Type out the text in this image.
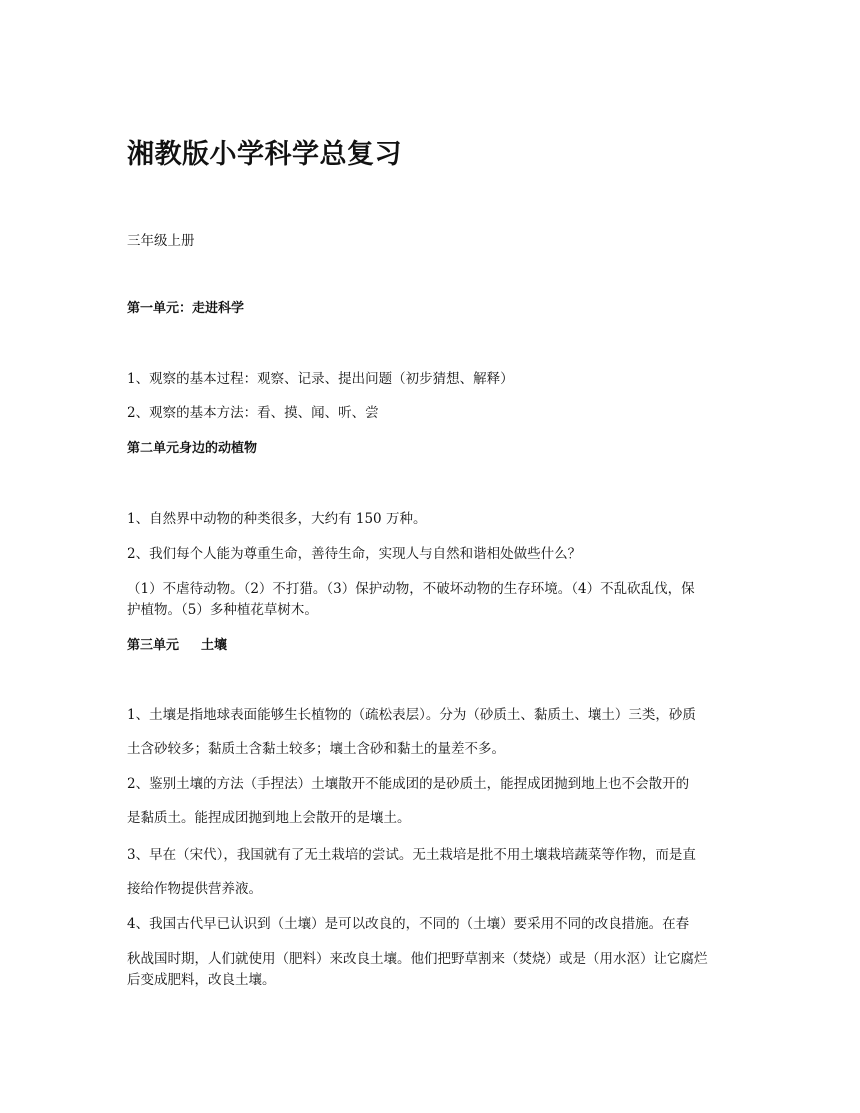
湘教版小学科学总复习
三年级上册
第一单元：走进科学
1、观察的基本过程：观察、记录、提出问题（初步猜想、解释）
2、观察的基本方法：看、摸、闻、听、尝
第二单元身边的动植物
1、自然界中动物的种类很多，大约有 150 万种。
2、我们每个人能为尊重生命，善待生命，实现人与自然和谐相处做些什么？
（1）不虐待动物。（2）不打猎。（3）保护动物，不破坏动物的生存环境。（4）不乱砍乱伐，保
护植物。（5）多种植花草树木。
第三单元 土壤
1、土壤是指地球表面能够生长植物的（疏松表层）。分为（砂质土、黏质土、壤土）三类，砂质
土含砂较多；黏质土含黏土较多；壤土含砂和黏土的量差不多。
2、鉴别土壤的方法（手捏法）土壤散开不能成团的是砂质土，能捏成团抛到地上也不会散开的
是黏质土。能捏成团抛到地上会散开的是壤土。
3、早在（宋代），我国就有了无土栽培的尝试。无土栽培是批不用土壤栽培蔬菜等作物，而是直
接给作物提供营养液。
4、我国古代早已认识到（土壤）是可以改良的，不同的（土壤）要采用不同的改良措施。在春
秋战国时期，人们就使用（肥料）来改良土壤。他们把野草割来（焚烧）或是（用水沤）让它腐烂
后变成肥料，改良土壤。
